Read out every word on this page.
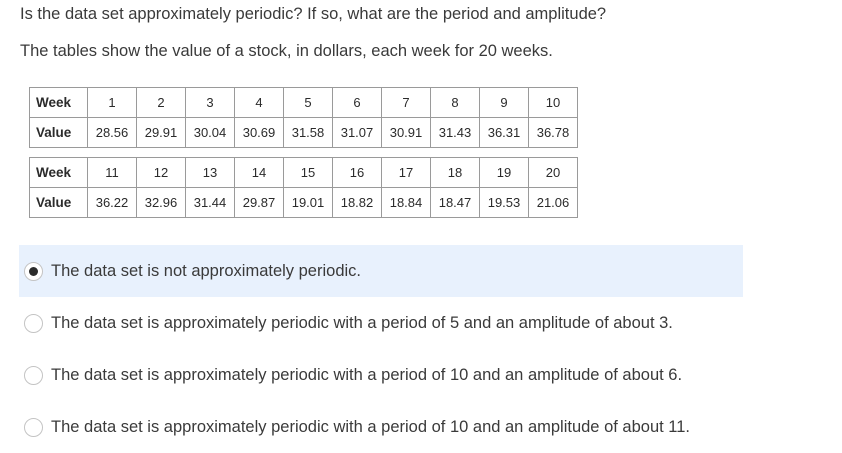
Is the data set approximately periodic? If so, what are the period and amplitude?

The tables show the value of a stock, in dollars, each week for 20 weeks.

Week	1	2	3	4	5	6	7	8	9	10
Value	28.56	29.91	30.04	30.69	31.58	31.07	30.91	31.43	36.31	36.78
Week	11	12	13	14	15	16	17	18	19	20
Value	36.22	32.96	31.44	29.87	19.01	18.82	18.84	18.47	19.53	21.06
The data set is not approximately periodic.
The data set is approximately periodic with a period of 5 and an amplitude of about 3.
The data set is approximately periodic with a period of 10 and an amplitude of about 6.
The data set is approximately periodic with a period of 10 and an amplitude of about 11.
